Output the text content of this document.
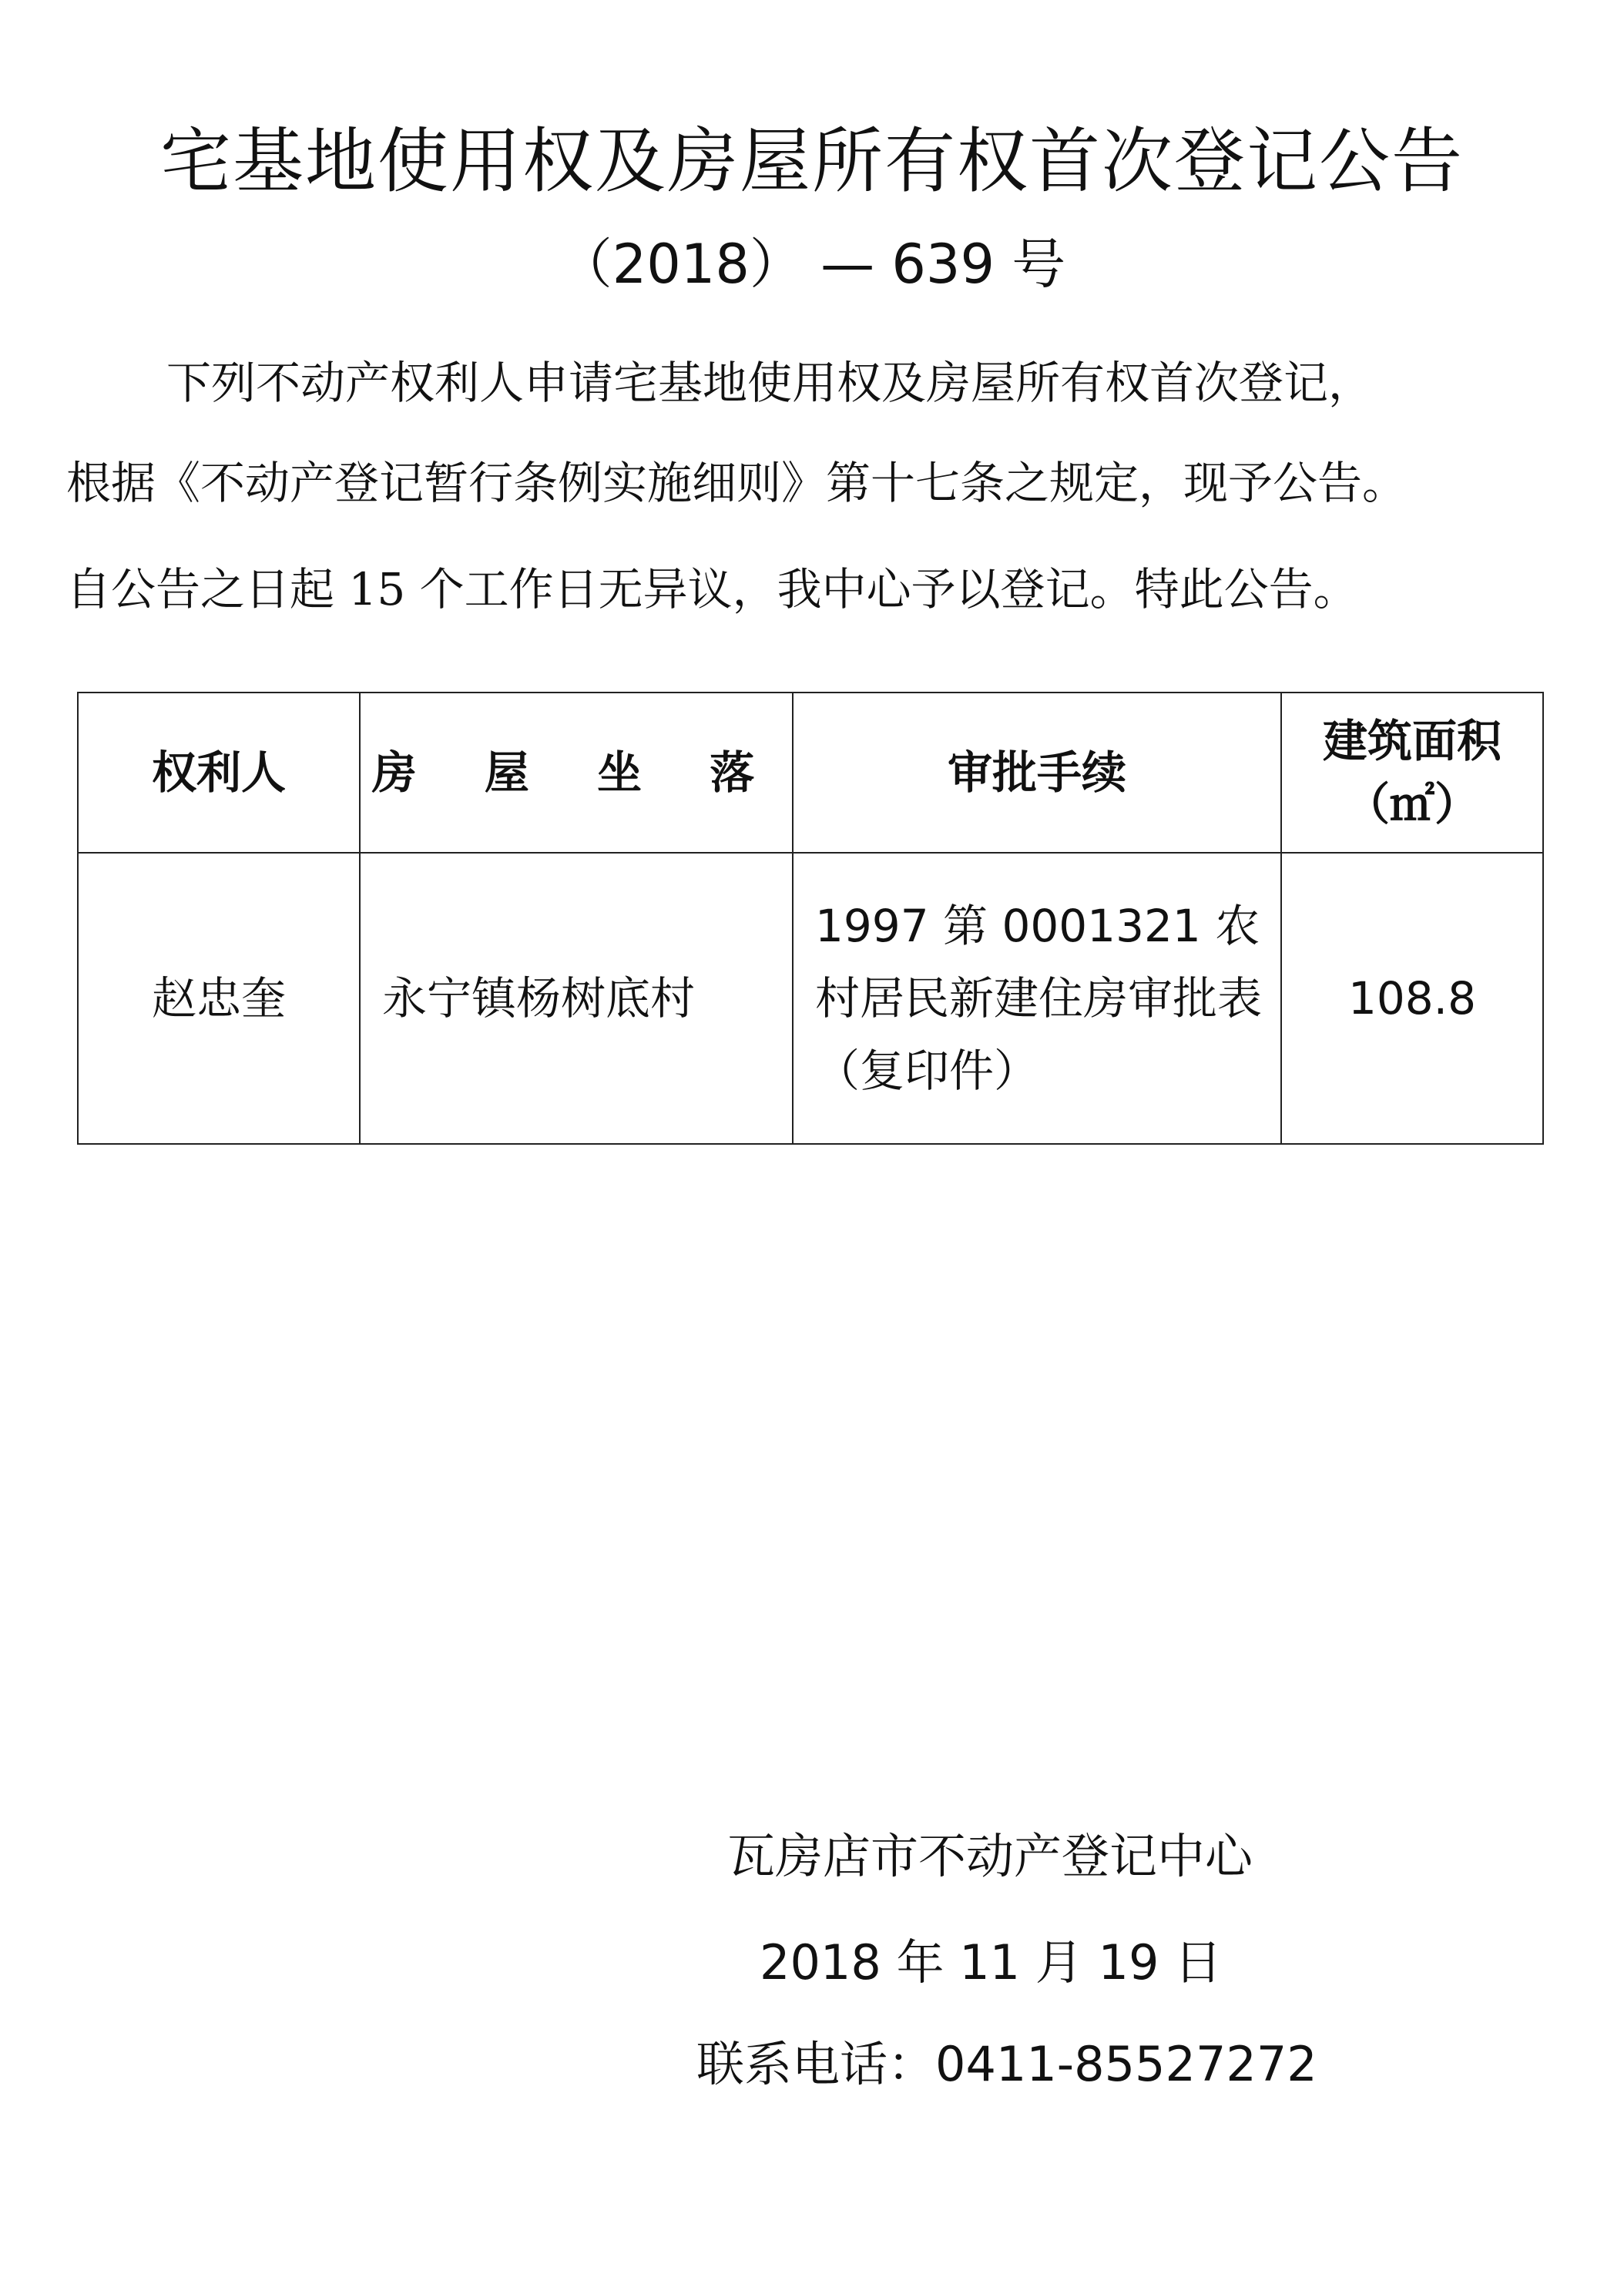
宅基地使用权及房屋所有权首次登记公告
（2018） — 639 号
下列不动产权利人申请宅基地使用权及房屋所有权首次登记，
根据《不动产登记暂行条例实施细则》第十七条之规定，现予公告。
自公告之日起 15 个工作日无异议，我中心予以登记。特此公告。
权利人	房 屋 坐 落	审批手续	建筑面积
（㎡）

赵忠奎	永宁镇杨树底村	1997 第 0001321 农村居民新建住房审批表（复印件）	108.8
瓦房店市不动产登记中心
2018 年 11 月 19 日
联系电话：0411-85527272
